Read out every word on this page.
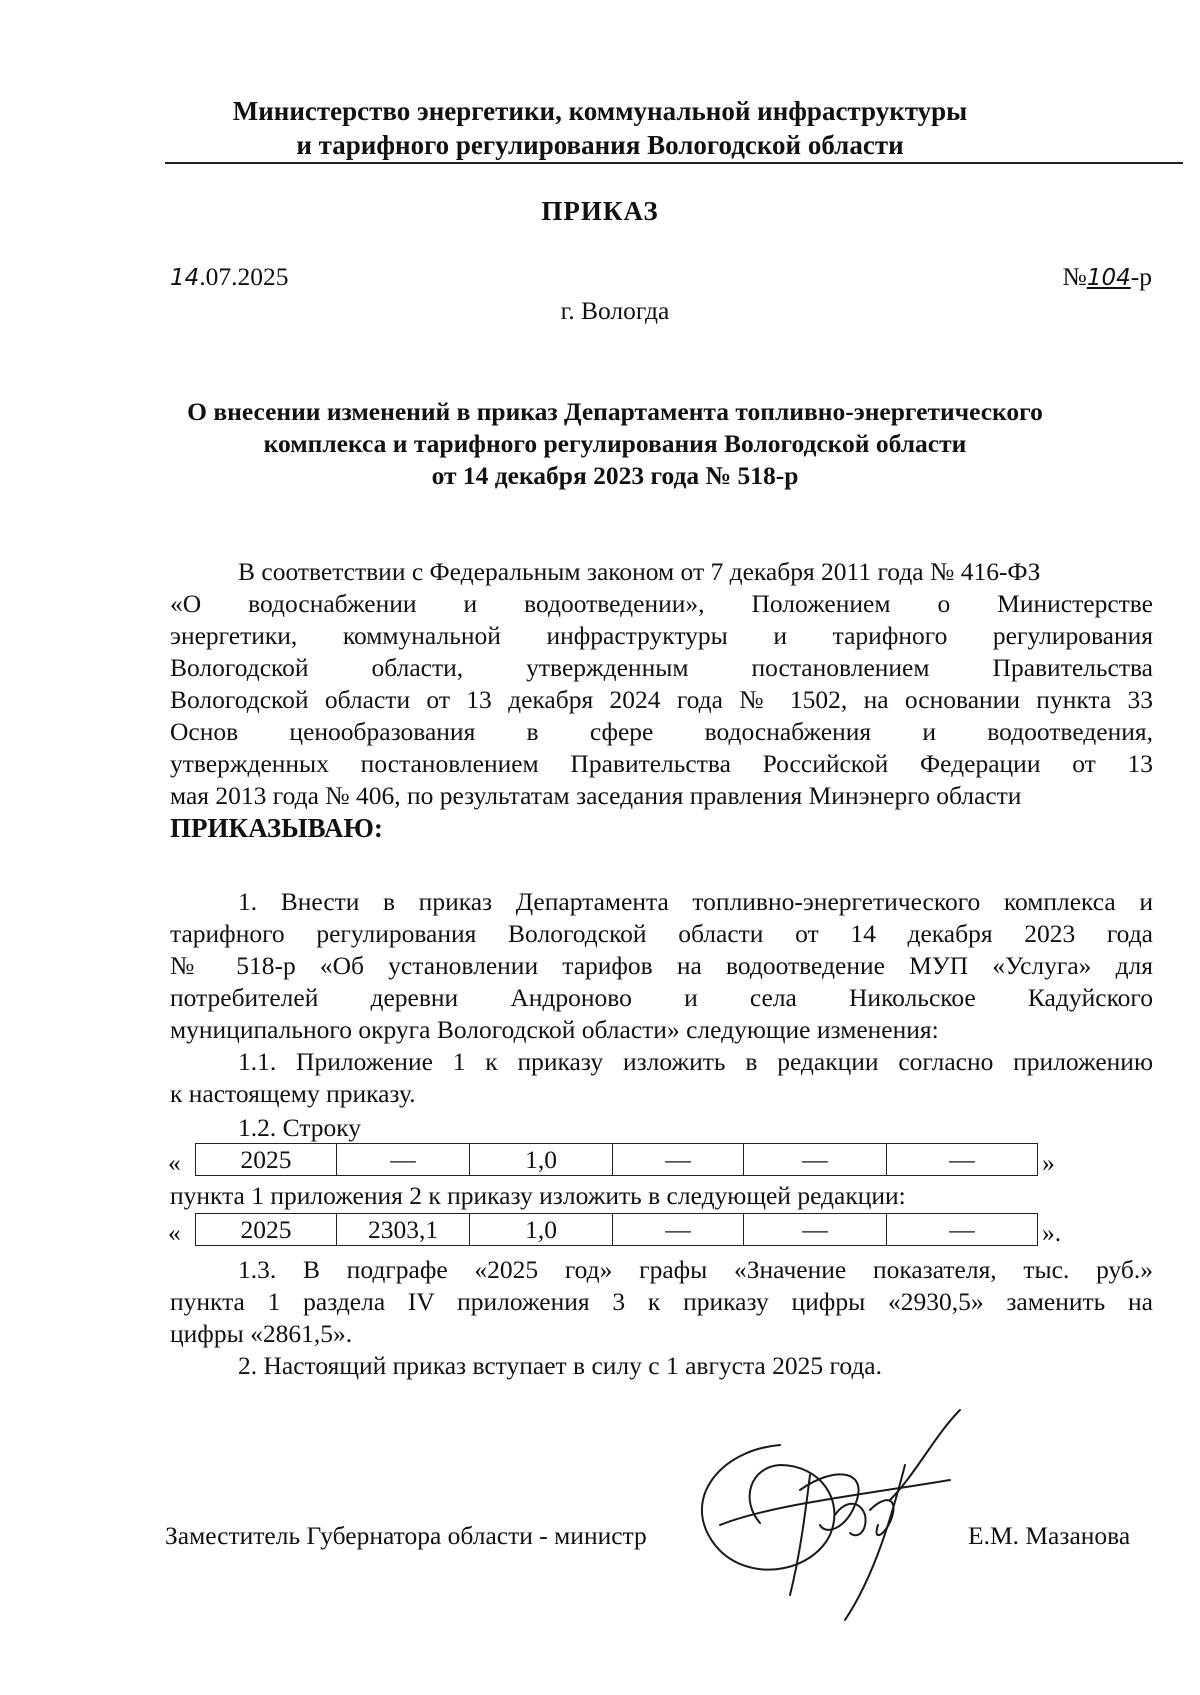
Министерство энергетики, коммунальной инфраструктуры
и тарифного регулирования Вологодской области
ПРИКАЗ
14.07.2025	№104-р
г. Вологда
О внесении изменений в приказ Департамента топливно-энергетического
комплекса и тарифного регулирования Вологодской области
от 14 декабря 2023 года № 518-р
В соответствии с Федеральным законом от 7 декабря 2011 года № 416-ФЗ
«О водоснабжении и водоотведении», Положением о Министерстве
энергетики, коммунальной инфраструктуры и тарифного регулирования
Вологодской области, утвержденным постановлением Правительства
Вологодской области от 13 декабря 2024 года № 1502, на основании пункта 33
Основ ценообразования в сфере водоснабжения и водоотведения,
утвержденных постановлением Правительства Российской Федерации от 13
мая 2013 года № 406, по результатам заседания правления Минэнерго области
ПРИКАЗЫВАЮ:
1. Внести в приказ Департамента топливно-энергетического комплекса и
тарифного регулирования Вологодской области от 14 декабря 2023 года
№ 518-р «Об установлении тарифов на водоотведение МУП «Услуга» для
потребителей деревни Андроново и села Никольское Кадуйского
муниципального округа Вологодской области» следующие изменения:
1.1. Приложение 1 к приказу изложить в редакции согласно приложению
к настоящему приказу.
1.2. Строку
« 2025	—	1,0	—	—	—	»
пункта 1 приложения 2 к приказу изложить в следующей редакции:
« 2025	2303,1	1,0	—	—	—	».
1.3. В подграфе «2025 год» графы «Значение показателя, тыс. руб.»
пункта 1 раздела IV приложения 3 к приказу цифры «2930,5» заменить на
цифры «2861,5».
2. Настоящий приказ вступает в силу с 1 августа 2025 года.
Заместитель Губернатора области - министр	Е.М. Мазанова
